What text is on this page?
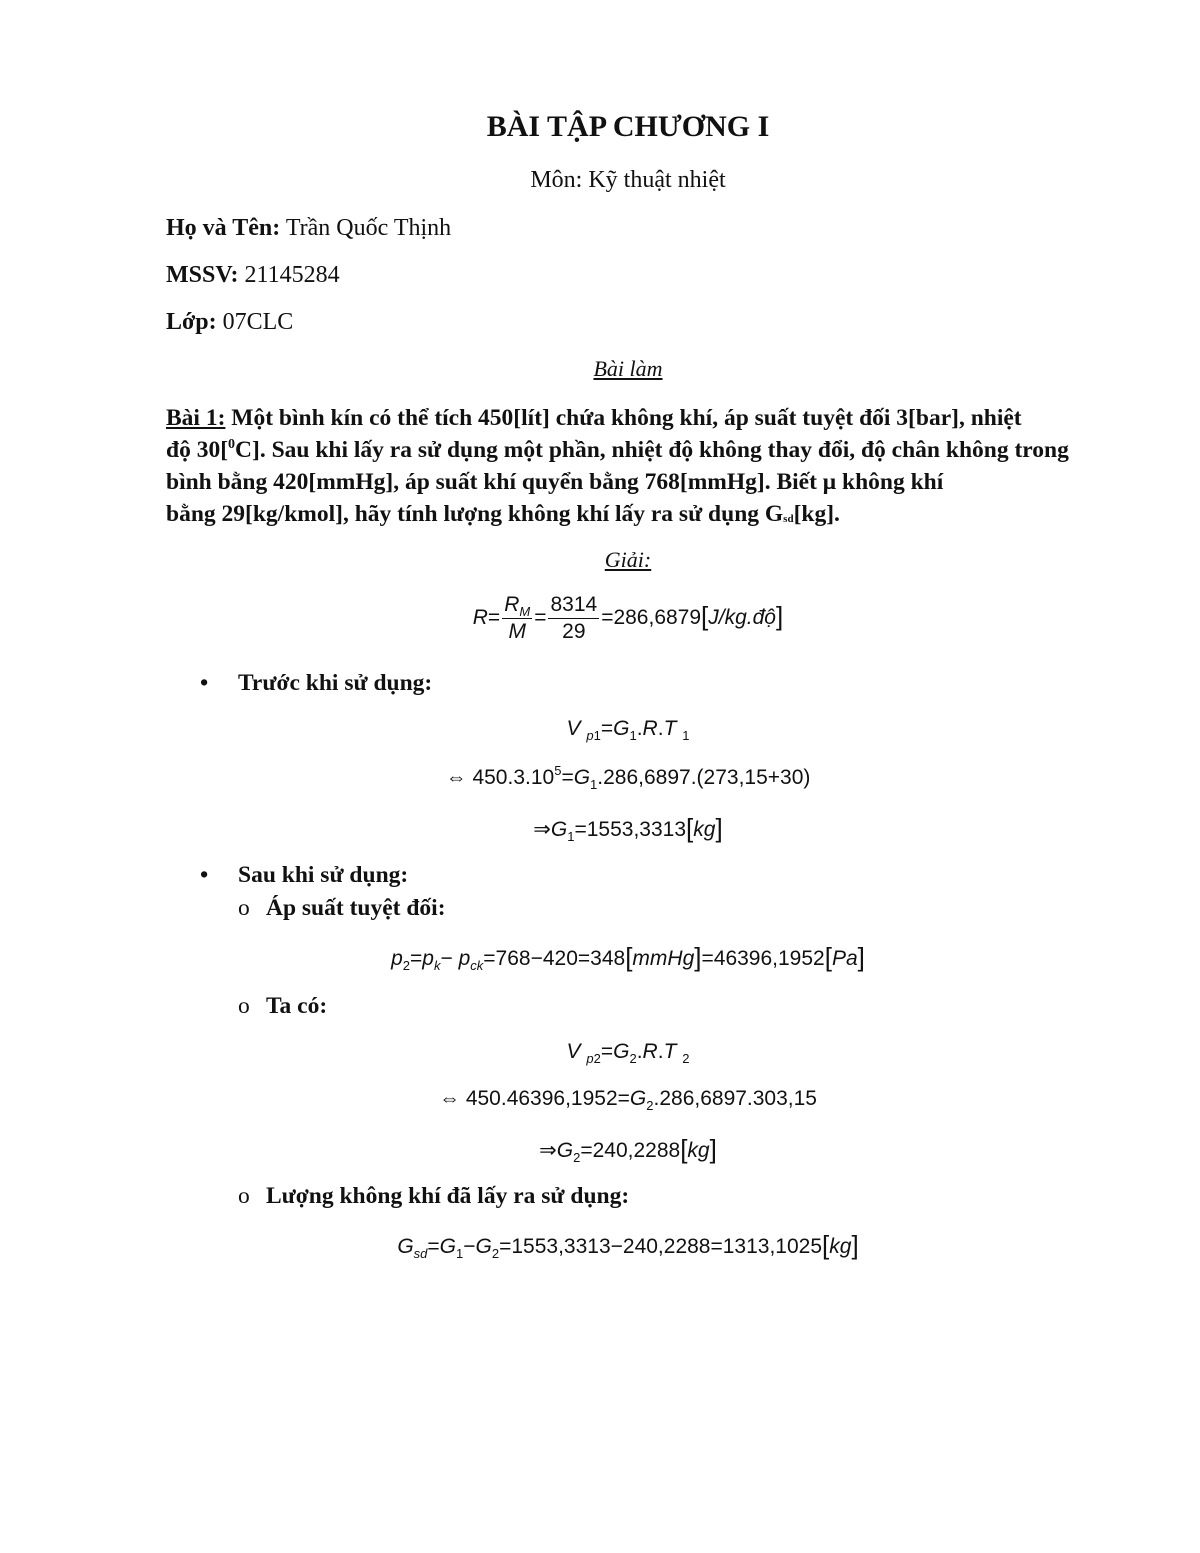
BÀI TẬP CHƯƠNG I
Môn: Kỹ thuật nhiệt
Họ và Tên: Trần Quốc Thịnh
MSSV: 21145284
Lớp: 07CLC
Bài làm
Bài 1: Một bình kín có thể tích 450[lít] chứa không khí, áp suất tuyệt đối 3[bar], nhiệt
độ 30[$^0$C]. Sau khi lấy ra sử dụng một phần, nhiệt độ không thay đổi, độ chân không trong
bình bằng 420[mmHg], áp suất khí quyển bằng 768[mmHg]. Biết μ không khí
bằng 29[kg/kmol], hãy tính lượng không khí lấy ra sử dụng Gsd[kg].
Giải:
$R= \frac{R_M}{M} = \frac{8314}{29}$ =286,6879[J/kg.độ]
• Trước khi sử dụng:
V $_{p1}=G_1.R.T$ $_1$
⇔ $450.3.10^5=G_1.286,6897.(273,15+30)$
$\Rightarrow G_1=1553,3313[kg]$
• Sau khi sử dụng:
o Áp suất tuyệt đối:
$p_2=p_k-$ $p_{ck}=768-420=348[mmHg]=46396,1952[Pa]$
o Ta có:
V $_{p2}=G_2.R.T$ $_2$
⇔ $450.46396,1952=G_2.286,6897.303,15$
$\Rightarrow G_2=240,2288[kg]$
o Lượng không khí đã lấy ra sử dụng:
$G_{sd}=G_1-G_2=1553,3313-240,2288=1313,1025[kg]$
